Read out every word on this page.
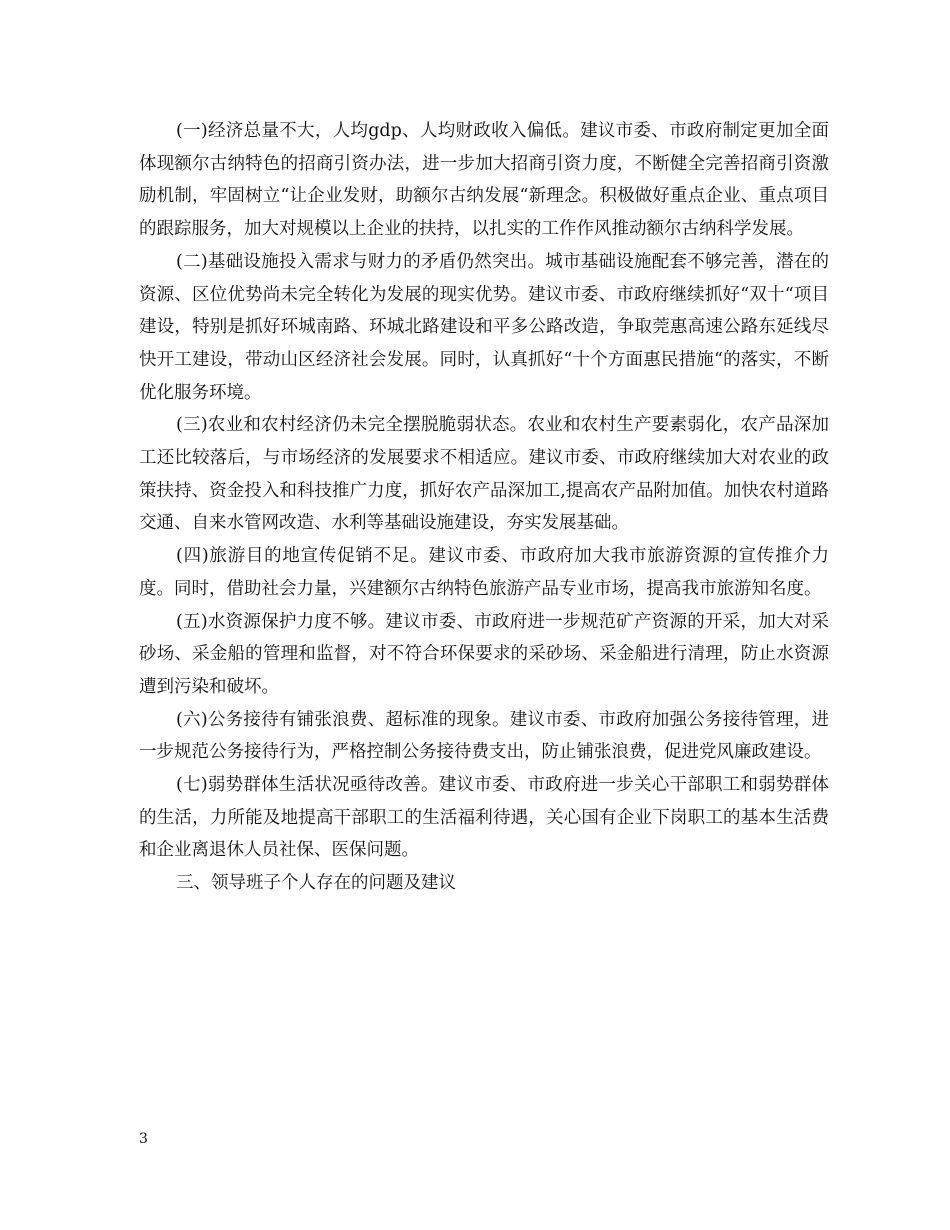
(一)经济总量不大，人均gdp、人均财政收入偏低。建议市委、市政府制定更加全面体现额尔古纳特色的招商引资办法，进一步加大招商引资力度，不断健全完善招商引资激励机制，牢固树立“让企业发财，助额尔古纳发展“新理念。积极做好重点企业、重点项目的跟踪服务，加大对规模以上企业的扶持，以扎实的工作作风推动额尔古纳科学发展。

(二)基础设施投入需求与财力的矛盾仍然突出。城市基础设施配套不够完善，潜在的资源、区位优势尚未完全转化为发展的现实优势。建议市委、市政府继续抓好“双十“项目建设，特别是抓好环城南路、环城北路建设和平多公路改造，争取莞惠高速公路东延线尽快开工建设，带动山区经济社会发展。同时，认真抓好“十个方面惠民措施“的落实，不断优化服务环境。

(三)农业和农村经济仍未完全摆脱脆弱状态。农业和农村生产要素弱化，农产品深加工还比较落后，与市场经济的发展要求不相适应。建议市委、市政府继续加大对农业的政策扶持、资金投入和科技推广力度，抓好农产品深加工,提高农产品附加值。加快农村道路交通、自来水管网改造、水利等基础设施建设，夯实发展基础。

(四)旅游目的地宣传促销不足。建议市委、市政府加大我市旅游资源的宣传推介力度。同时，借助社会力量，兴建额尔古纳特色旅游产品专业市场，提高我市旅游知名度。

(五)水资源保护力度不够。建议市委、市政府进一步规范矿产资源的开采，加大对采砂场、采金船的管理和监督，对不符合环保要求的采砂场、采金船进行清理，防止水资源遭到污染和破坏。

(六)公务接待有铺张浪费、超标准的现象。建议市委、市政府加强公务接待管理，进一步规范公务接待行为，严格控制公务接待费支出，防止铺张浪费，促进党风廉政建设。

(七)弱势群体生活状况亟待改善。建议市委、市政府进一步关心干部职工和弱势群体的生活，力所能及地提高干部职工的生活福利待遇，关心国有企业下岗职工的基本生活费和企业离退休人员社保、医保问题。

三、领导班子个人存在的问题及建议

3
